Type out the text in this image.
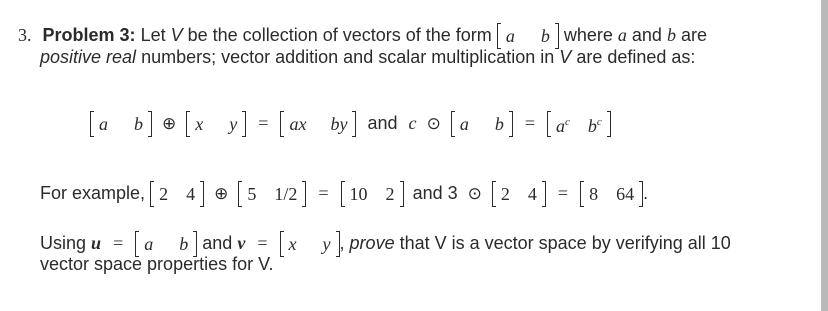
3. Problem 3: Let V be the collection of vectors of the form a b where a and b are
positive real numbers; vector addition and scalar multiplication in V are defined as:
a b ⊕ x y = ax by and c ⊙ a $b = a^c$ $b^c$
For example, 2 4 ⊕ 5 1/2 = 10 2 and 3 ⊙ 2 4 = 8 64 .
Using u = a b and v = x y , prove that V is a vector space by verifying all 10
vector space properties for V.
